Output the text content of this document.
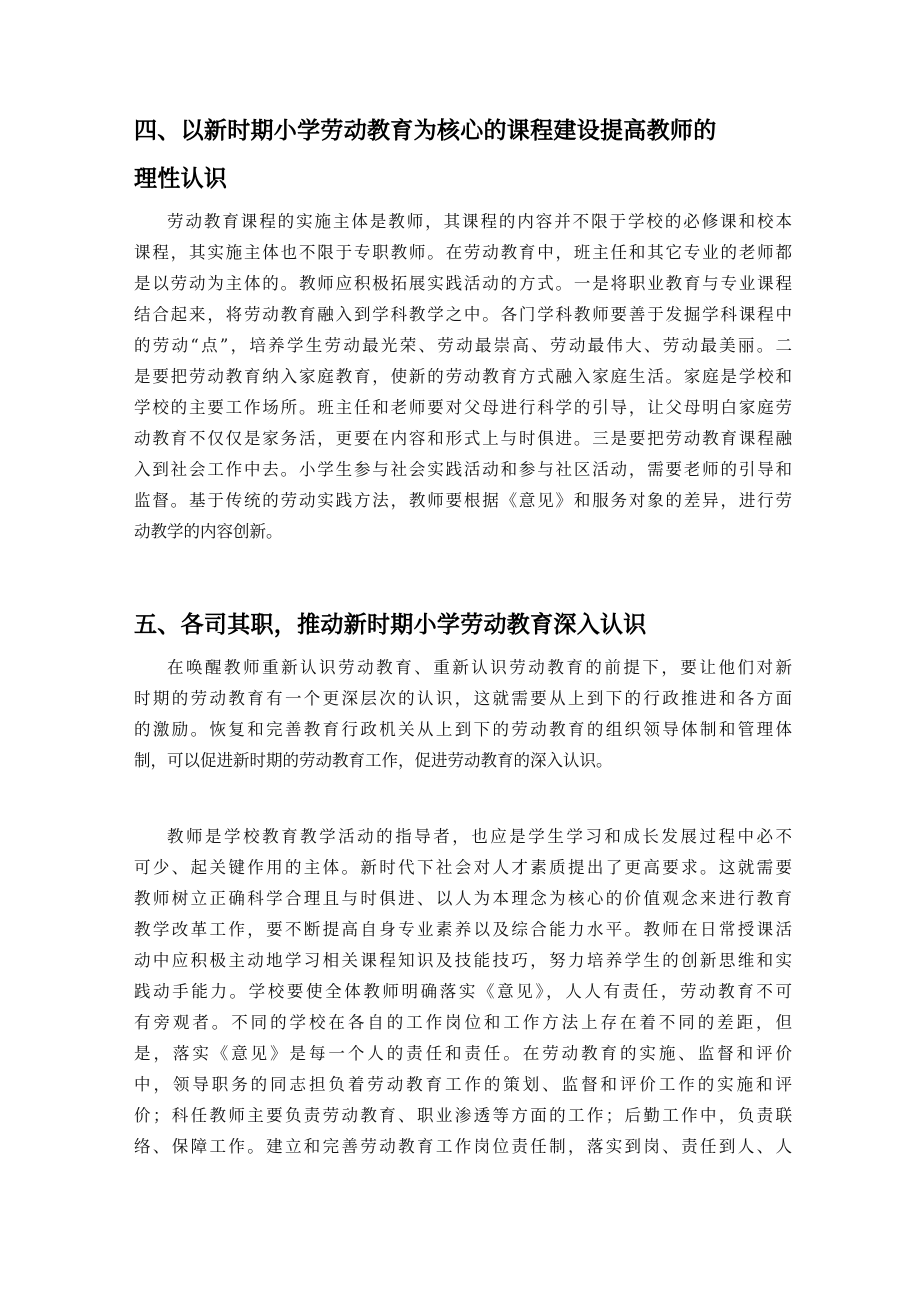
四、以新时期小学劳动教育为核心的课程建设提高教师的
理性认识
劳动教育课程的实施主体是教师，其课程的内容并不限于学校的必修课和校本
课程，其实施主体也不限于专职教师。在劳动教育中，班主任和其它专业的老师都
是以劳动为主体的。教师应积极拓展实践活动的方式。一是将职业教育与专业课程
结合起来，将劳动教育融入到学科教学之中。各门学科教师要善于发掘学科课程中
的劳动“点”，培养学生劳动最光荣、劳动最崇高、劳动最伟大、劳动最美丽。二
是要把劳动教育纳入家庭教育，使新的劳动教育方式融入家庭生活。家庭是学校和
学校的主要工作场所。班主任和老师要对父母进行科学的引导，让父母明白家庭劳
动教育不仅仅是家务活，更要在内容和形式上与时俱进。三是要把劳动教育课程融
入到社会工作中去。小学生参与社会实践活动和参与社区活动，需要老师的引导和
监督。基于传统的劳动实践方法，教师要根据《意见》和服务对象的差异，进行劳
动教学的内容创新。
五、各司其职，推动新时期小学劳动教育深入认识
在唤醒教师重新认识劳动教育、重新认识劳动教育的前提下，要让他们对新
时期的劳动教育有一个更深层次的认识，这就需要从上到下的行政推进和各方面
的激励。恢复和完善教育行政机关从上到下的劳动教育的组织领导体制和管理体
制，可以促进新时期的劳动教育工作，促进劳动教育的深入认识。
教师是学校教育教学活动的指导者，也应是学生学习和成长发展过程中必不
可少、起关键作用的主体。新时代下社会对人才素质提出了更高要求。这就需要
教师树立正确科学合理且与时俱进、以人为本理念为核心的价值观念来进行教育
教学改革工作，要不断提高自身专业素养以及综合能力水平。教师在日常授课活
动中应积极主动地学习相关课程知识及技能技巧，努力培养学生的创新思维和实
践动手能力。学校要使全体教师明确落实《意见》，人人有责任，劳动教育不可
有旁观者。不同的学校在各自的工作岗位和工作方法上存在着不同的差距，但
是，落实《意见》是每一个人的责任和责任。在劳动教育的实施、监督和评价
中，领导职务的同志担负着劳动教育工作的策划、监督和评价工作的实施和评
价；科任教师主要负责劳动教育、职业渗透等方面的工作；后勤工作中，负责联
络、保障工作。建立和完善劳动教育工作岗位责任制，落实到岗、责任到人、人
